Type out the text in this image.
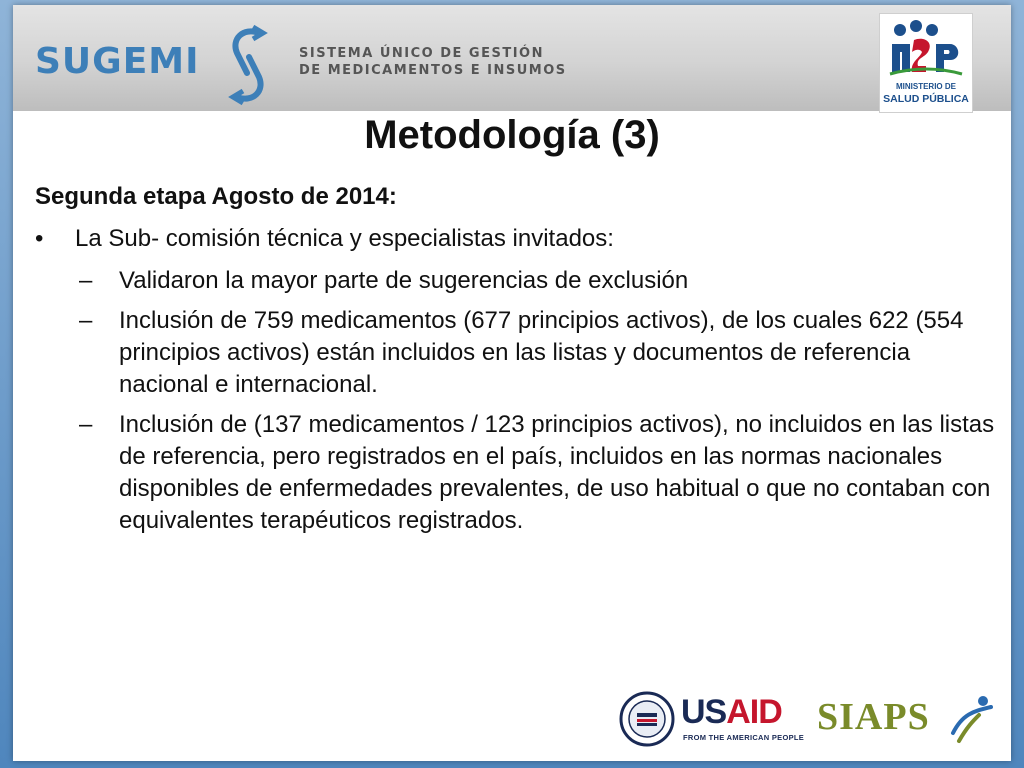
SUGEMI	SISTEMA ÚNICO DE GESTIÓN
DE MEDICAMENTOS E INSUMOS
MINISTERIO DE
SALUD PÚBLICA
Metodología (3)
Segunda etapa Agosto de 2014:
•	La Sub- comisión técnica y especialistas invitados:
–	Validaron la mayor parte de sugerencias de exclusión
–	Inclusión de 759 medicamentos (677 principios activos), de los cuales 622 (554 principios activos) están incluidos en las listas y documentos de referencia nacional e internacional.
–	Inclusión de (137 medicamentos / 123 principios activos), no incluidos en las listas de referencia, pero registrados en el país, incluidos en las normas nacionales disponibles de enfermedades prevalentes, de uso habitual o que no contaban con equivalentes terapéuticos registrados.
USAID
FROM THE AMERICAN PEOPLE SIAPS
